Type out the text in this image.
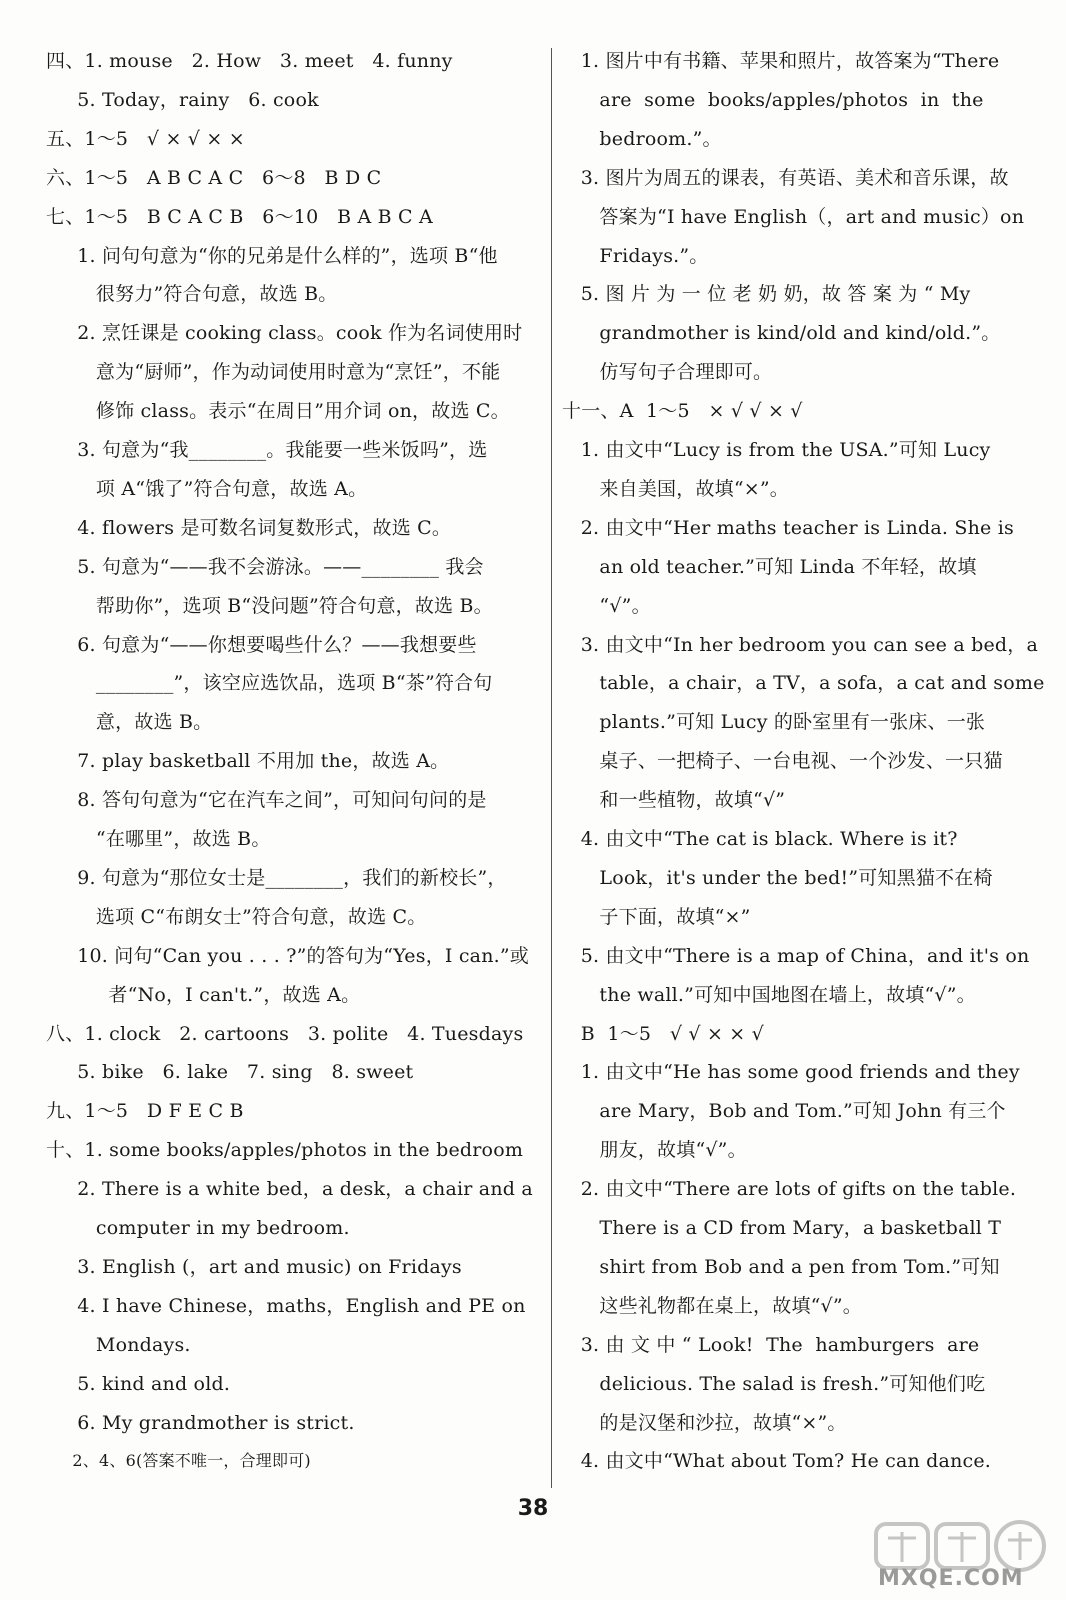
四、1. mouse   2. How   3. meet   4. funny
5. Today，rainy   6. cook
五、1～5   √ × √ × ×
六、1～5   A B C A C   6～8   B D C
七、1～5   B C A C B   6～10   B A B C A
1. 问句句意为“你的兄弟是什么样的”，选项 B“他
很努力”符合句意，故选 B。
2. 烹饪课是 cooking class。cook 作为名词使用时
意为“厨师”，作为动词使用时意为“烹饪”，不能
修饰 class。表示“在周日”用介词 on，故选 C。
3. 句意为“我________。我能要一些米饭吗”，选
项 A“饿了”符合句意，故选 A。
4. flowers 是可数名词复数形式，故选 C。
5. 句意为“——我不会游泳。——________ 我会
帮助你”，选项 B“没问题”符合句意，故选 B。
6. 句意为“——你想要喝些什么？——我想要些
________”，该空应选饮品，选项 B“茶”符合句
意，故选 B。
7. play basketball 不用加 the，故选 A。
8. 答句句意为“它在汽车之间”，可知问句问的是
“在哪里”，故选 B。
9. 句意为“那位女士是________，我们的新校长”，
选项 C“布朗女士”符合句意，故选 C。
10. 问句“Can you . . . ?”的答句为“Yes，I can.”或
者“No，I can't.”，故选 A。
八、1. clock   2. cartoons   3. polite   4. Tuesdays
5. bike   6. lake   7. sing   8. sweet
九、1～5   D F E C B
十、1. some books/apples/photos in the bedroom
2. There is a white bed，a desk，a chair and a
computer in my bedroom.
3. English (，art and music) on Fridays
4. I have Chinese，maths，English and PE on
Mondays.
5. kind and old.
6. My grandmother is strict.
2、4、6(答案不唯一，合理即可)
1. 图片中有书籍、苹果和照片，故答案为“There
are  some  books/apples/photos  in  the
bedroom.”。
3. 图片为周五的课表，有英语、美术和音乐课，故
答案为“I have English（，art and music）on
Fridays.”。
5. 图 片 为 一 位 老 奶 奶，故 答 案 为 “ My
grandmother is kind/old and kind/old.”。
仿写句子合理即可。
十一、A  1～5   × √ √ × √
1. 由文中“Lucy is from the USA.”可知 Lucy
来自美国，故填“×”。
2. 由文中“Her maths teacher is Linda. She is
an old teacher.”可知 Linda 不年轻，故填
“√”。
3. 由文中“In her bedroom you can see a bed，a
table，a chair，a TV，a sofa，a cat and some
plants.”可知 Lucy 的卧室里有一张床、一张
桌子、一把椅子、一台电视、一个沙发、一只猫
和一些植物，故填“√”
4. 由文中“The cat is black. Where is it?
Look，it's under the bed!”可知黑猫不在椅
子下面，故填“×”
5. 由文中“There is a map of China，and it's on
the wall.”可知中国地图在墙上，故填“√”。
B  1～5   √ √ × × √
1. 由文中“He has some good friends and they
are Mary，Bob and Tom.”可知 John 有三个
朋友，故填“√”。
2. 由文中“There are lots of gifts on the table.
There is a CD from Mary，a basketball T
shirt from Bob and a pen from Tom.”可知
这些礼物都在桌上，故填“√”。
3. 由 文 中 “ Look!  The  hamburgers  are
delicious. The salad is fresh.”可知他们吃
的是汉堡和沙拉，故填“×”。
4. 由文中“What about Tom? He can dance.
38
MXQE.COM
